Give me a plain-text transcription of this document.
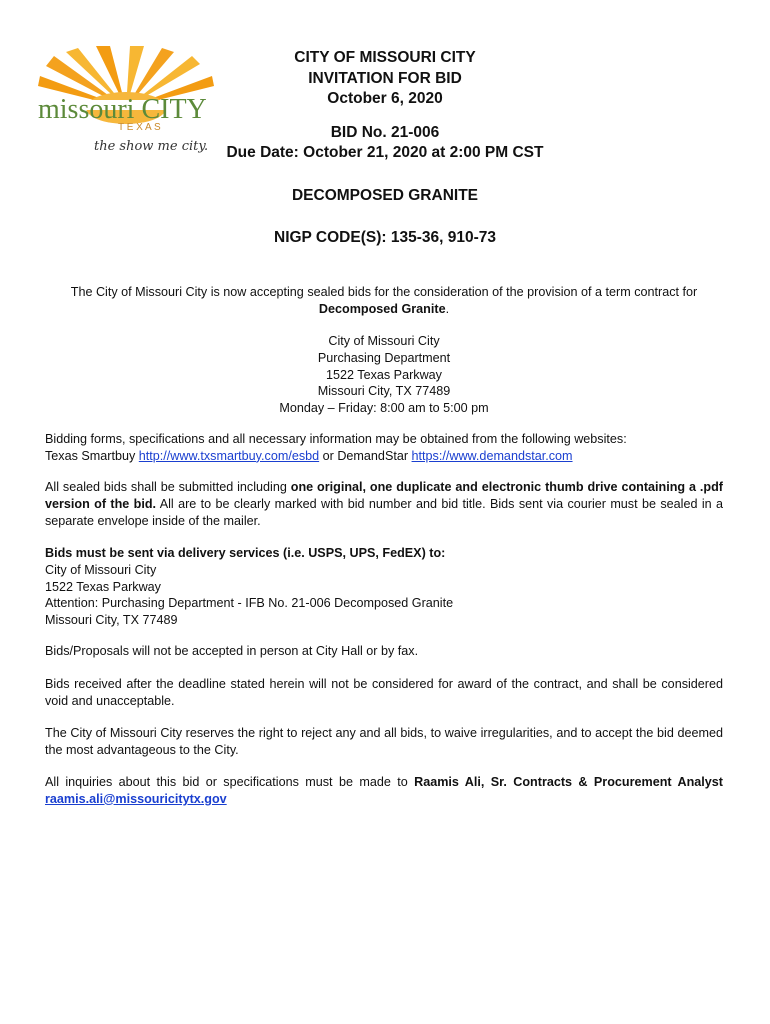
missouri CITY
T E X A S
the show me city.
CITY OF MISSOURI CITY
INVITATION FOR BID
October 6, 2020
BID No. 21-006
Due Date: October 21, 2020 at 2:00 PM CST
DECOMPOSED GRANITE
NIGP CODE(S): 135-36, 910-73
The City of Missouri City is now accepting sealed bids for the consideration of the provision of a term contract for Decomposed Granite.
City of Missouri City
Purchasing Department
1522 Texas Parkway
Missouri City, TX 77489
Monday – Friday: 8:00 am to 5:00 pm
Bidding forms, specifications and all necessary information may be obtained from the following websites:
Texas Smartbuy http://www.txsmartbuy.com/esbd or DemandStar https://www.demandstar.com

All sealed bids shall be submitted including one original, one duplicate and electronic thumb drive containing a .pdf version of the bid. All are to be clearly marked with bid number and bid title. Bids sent via courier must be sealed in a separate envelope inside of the mailer.

Bids must be sent via delivery services (i.e. USPS, UPS, FedEX) to:
City of Missouri City
1522 Texas Parkway
Attention: Purchasing Department - IFB No. 21-006 Decomposed Granite
Missouri City, TX 77489

Bids/Proposals will not be accepted in person at City Hall or by fax.

Bids received after the deadline stated herein will not be considered for award of the contract, and shall be considered void and unacceptable.

The City of Missouri City reserves the right to reject any and all bids, to waive irregularities, and to accept the bid deemed the most advantageous to the City.

All inquiries about this bid or specifications must be made to Raamis Ali, Sr. Contracts & Procurement Analyst raamis.ali@missouricitytx.gov
